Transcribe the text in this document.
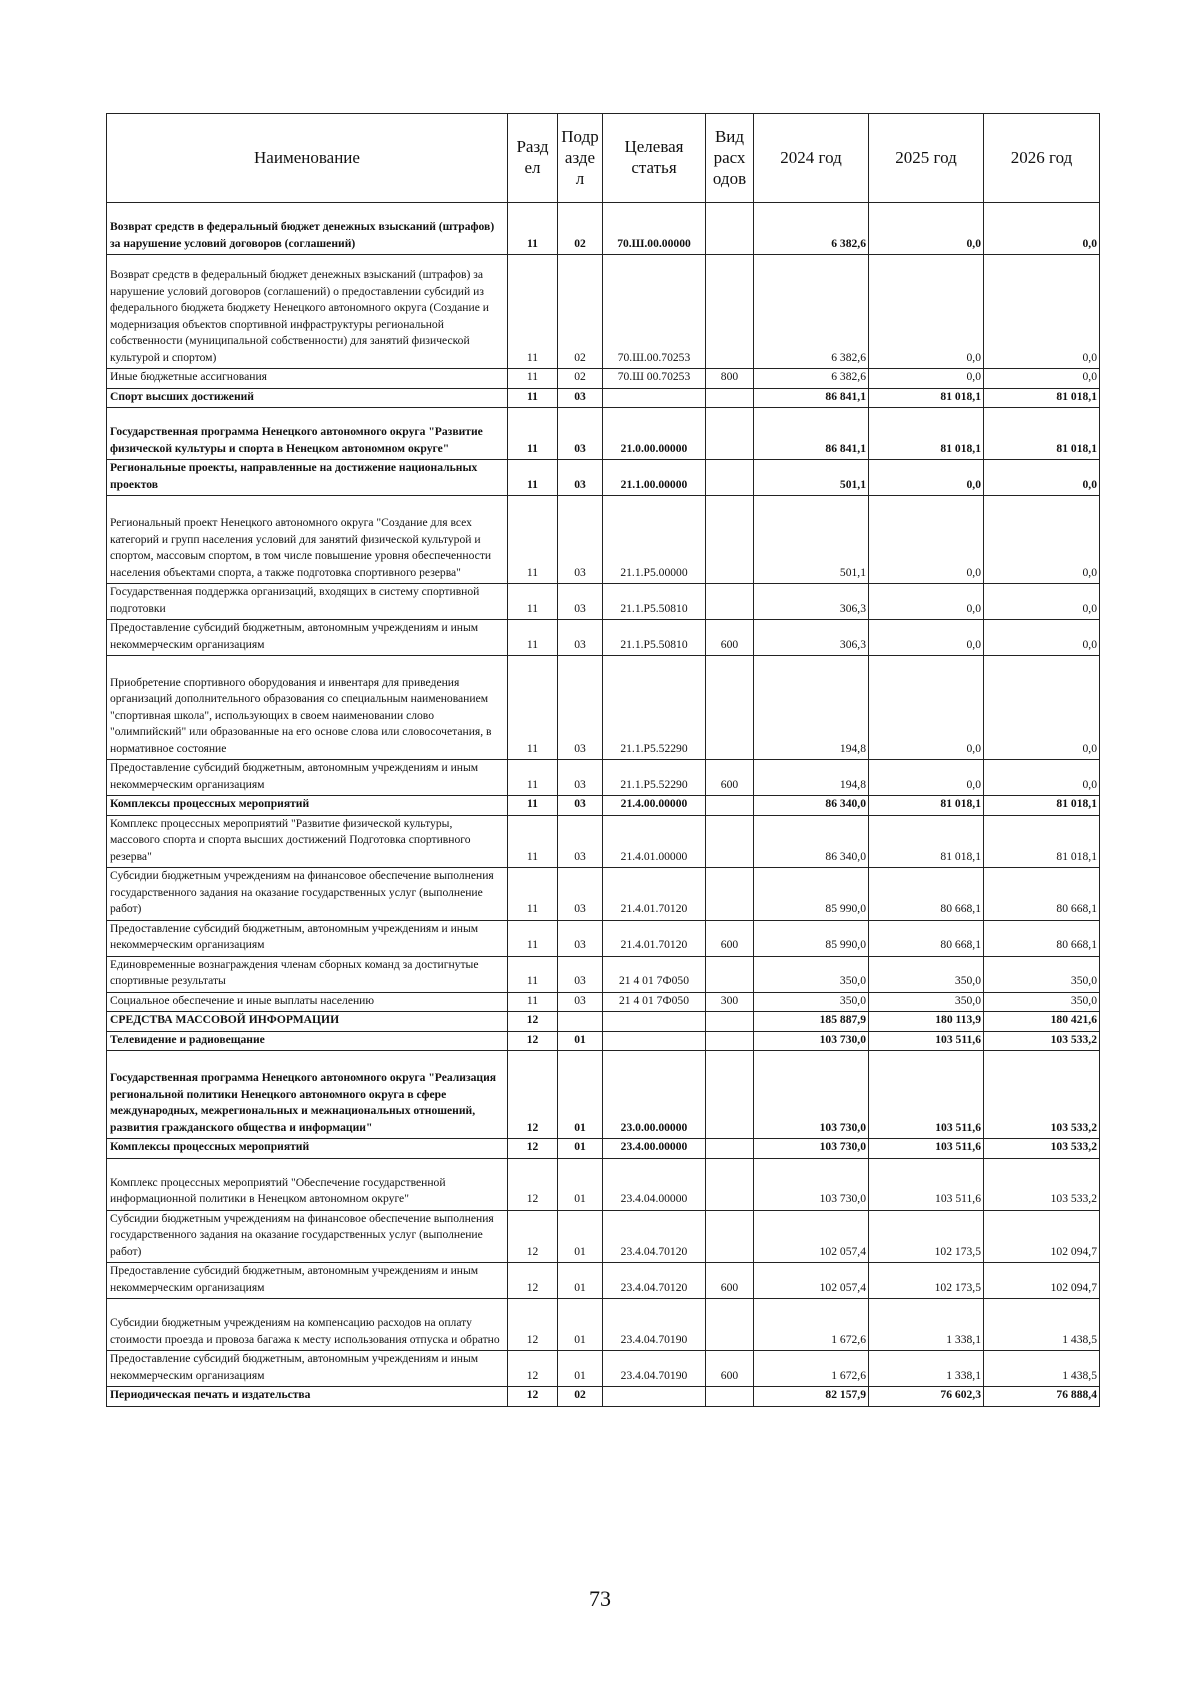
Наименование	Разд ел	Подр азде л	Целевая статья	Вид расх одов	2024 год	2025 год	2026 год
Возврат средств в федеральный бюджет денежных взысканий (штрафов) за нарушение условий договоров (соглашений)	11	02	70.Ш.00.00000		6 382,6	0,0	0,0
Возврат средств в федеральный бюджет денежных взысканий (штрафов) за нарушение условий договоров (соглашений) о предоставлении субсидий из федерального бюджета бюджету Ненецкого автономного округа (Создание и модернизация объектов спортивной инфраструктуры региональной собственности (муниципальной собственности) для занятий физической культурой и спортом)	11	02	70.Ш.00.70253		6 382,6	0,0	0,0
Иные бюджетные ассигнования	11	02	70.Ш 00.70253	800	6 382,6	0,0	0,0
Спорт высших достижений	11	03			86 841,1	81 018,1	81 018,1
Государственная программа Ненецкого автономного округа "Развитие физической культуры и спорта в Ненецком автономном округе"	11	03	21.0.00.00000		86 841,1	81 018,1	81 018,1
Региональные проекты, направленные на достижение национальных проектов	11	03	21.1.00.00000		501,1	0,0	0,0
Региональный проект Ненецкого автономного округа "Создание для всех категорий и групп населения условий для занятий физической культурой и спортом, массовым спортом, в том числе повышение уровня обеспеченности населения объектами спорта, а также подготовка спортивного резерва"	11	03	21.1.P5.00000		501,1	0,0	0,0
Государственная поддержка организаций, входящих в систему спортивной подготовки	11	03	21.1.P5.50810		306,3	0,0	0,0
Предоставление субсидий бюджетным, автономным учреждениям и иным некоммерческим организациям	11	03	21.1.P5.50810	600	306,3	0,0	0,0
Приобретение спортивного оборудования и инвентаря для приведения организаций дополнительного образования со специальным наименованием "спортивная школа", использующих в своем наименовании слово "олимпийский" или образованные на его основе слова или словосочетания, в нормативное состояние	11	03	21.1.P5.52290		194,8	0,0	0,0
Предоставление субсидий бюджетным, автономным учреждениям и иным некоммерческим организациям	11	03	21.1.P5.52290	600	194,8	0,0	0,0
Комплексы процессных мероприятий	11	03	21.4.00.00000		86 340,0	81 018,1	81 018,1
Комплекс процессных мероприятий "Развитие физической культуры, массового спорта и спорта высших достижений Подготовка спортивного резерва"	11	03	21.4.01.00000		86 340,0	81 018,1	81 018,1
Субсидии бюджетным учреждениям на финансовое обеспечение выполнения государственного задания на оказание государственных услуг (выполнение работ)	11	03	21.4.01.70120		85 990,0	80 668,1	80 668,1
Предоставление субсидий бюджетным, автономным учреждениям и иным некоммерческим организациям	11	03	21.4.01.70120	600	85 990,0	80 668,1	80 668,1
Единовременные вознаграждения членам сборных команд за достигнутые спортивные результаты	11	03	21 4 01 7Ф050		350,0	350,0	350,0
Социальное обеспечение и иные выплаты населению	11	03	21 4 01 7Ф050	300	350,0	350,0	350,0
СРЕДСТВА МАССОВОЙ ИНФОРМАЦИИ	12				185 887,9	180 113,9	180 421,6
Телевидение и радиовещание	12	01			103 730,0	103 511,6	103 533,2
Государственная программа Ненецкого автономного округа "Реализация региональной политики Ненецкого автономного округа в сфере международных, межрегиональных и межнациональных отношений, развития гражданского общества и информации"	12	01	23.0.00.00000		103 730,0	103 511,6	103 533,2
Комплексы процессных мероприятий	12	01	23.4.00.00000		103 730,0	103 511,6	103 533,2
Комплекс процессных мероприятий "Обеспечение государственной информационной политики в Ненецком автономном округе"	12	01	23.4.04.00000		103 730,0	103 511,6	103 533,2
Субсидии бюджетным учреждениям на финансовое обеспечение выполнения государственного задания на оказание государственных услуг (выполнение работ)	12	01	23.4.04.70120		102 057,4	102 173,5	102 094,7
Предоставление субсидий бюджетным, автономным учреждениям и иным некоммерческим организациям	12	01	23.4.04.70120	600	102 057,4	102 173,5	102 094,7
Субсидии бюджетным учреждениям на компенсацию расходов на оплату стоимости проезда и провоза багажа к месту использования отпуска и обратно	12	01	23.4.04.70190		1 672,6	1 338,1	1 438,5
Предоставление субсидий бюджетным, автономным учреждениям и иным некоммерческим организациям	12	01	23.4.04.70190	600	1 672,6	1 338,1	1 438,5
Периодическая печать и издательства	12	02			82 157,9	76 602,3	76 888,4
73
